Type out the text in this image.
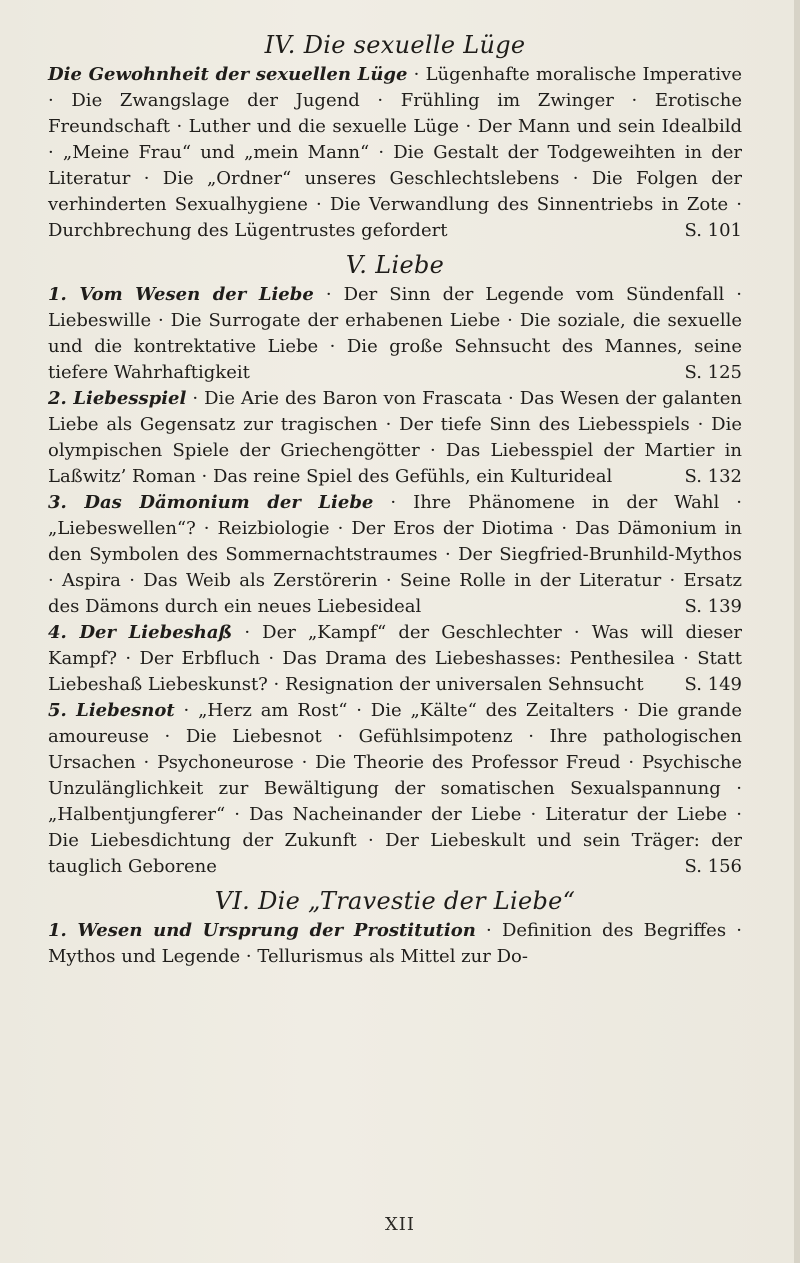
IV. Die sexuelle Lüge

Die Gewohnheit der sexuellen Lüge · Lügenhafte moralische Imperative · Die Zwangslage der Jugend · Frühling im Zwinger · Erotische Freundschaft · Luther und die sexuelle Lüge · Der Mann und sein Idealbild · „Meine Frau“ und „mein Mann“ · Die Gestalt der Todgeweihten in der Literatur · Die „Ordner“ unseres Geschlechtslebens · Die Folgen der verhinderten Sexualhygiene · Die Verwandlung des Sinnentriebs in Zote · Durchbrechung des Lügentrustes gefordert	S. 101

V. Liebe

1. Vom Wesen der Liebe · Der Sinn der Legende vom Sündenfall · Liebeswille · Die Surrogate der erhabenen Liebe · Die soziale, die sexuelle und die kontrektative Liebe · Die große Sehnsucht des Mannes, seine tiefere Wahrhaftigkeit	S. 125

2. Liebesspiel · Die Arie des Baron von Frascata · Das Wesen der galanten Liebe als Gegensatz zur tragischen · Der tiefe Sinn des Liebesspiels · Die olympischen Spiele der Griechengötter · Das Liebesspiel der Martier in Laßwitz’ Roman · Das reine Spiel des Gefühls, ein Kulturideal	S. 132

3. Das Dämonium der Liebe · Ihre Phänomene in der Wahl · „Liebeswellen“? · Reizbiologie · Der Eros der Diotima · Das Dämonium in den Symbolen des Sommernachtstraumes · Der Siegfried-Brunhild-Mythos · Aspira · Das Weib als Zerstörerin · Seine Rolle in der Literatur · Ersatz des Dämons durch ein neues Liebesideal	S. 139

4. Der Liebeshaß · Der „Kampf“ der Geschlechter · Was will dieser Kampf? · Der Erbfluch · Das Drama des Liebeshasses: Penthesilea · Statt Liebeshaß Liebeskunst? · Resignation der universalen Sehnsucht S. 149

5. Liebesnot · „Herz am Rost“ · Die „Kälte“ des Zeitalters · Die grande amoureuse · Die Liebesnot · Gefühlsimpotenz · Ihre pathologischen Ursachen · Psychoneurose · Die Theorie des Professor Freud · Psychische Unzulänglichkeit zur Bewältigung der somatischen Sexualspannung · „Halbentjungferer“ · Das Nacheinander der Liebe · Literatur der Liebe · Die Liebesdichtung der Zukunft · Der Liebeskult und sein Träger: der tauglich Geborene	S. 156

VI. Die „Travestie der Liebe“

1. Wesen und Ursprung der Prostitution · Definition des Begriffes · Mythos und Legende · Tellurismus als Mittel zur Do-

XII
